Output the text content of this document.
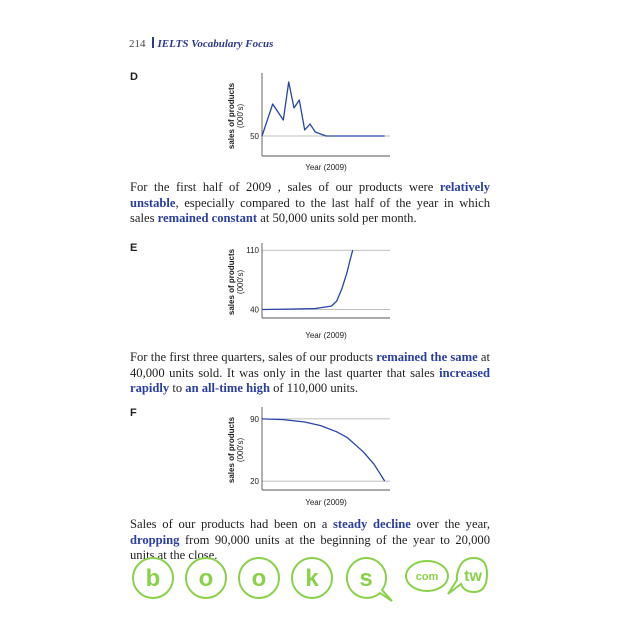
214 IELTS Vocabulary Focus
D
50
Year (2009)
sales of products(000's)
For the first half of 2009 , sales of our products were relatively unstable, especially compared to the last half of the year in which sales remained constant at 50,000 units sold per month.
E	110
40
Year (2009)
sales of products(000's)
For the first three quarters, sales of our products remained the same at 40,000 units sold. It was only in the last quarter that sales increased rapidly to an all-time high of 110,000 units.
F
90
20
Year (2009)
sales of products(000's)
Sales of our products had been on a steady decline over the year, dropping from 90,000 units at the beginning of the year to 20,000 units at the close.
b o o k s	com tw
